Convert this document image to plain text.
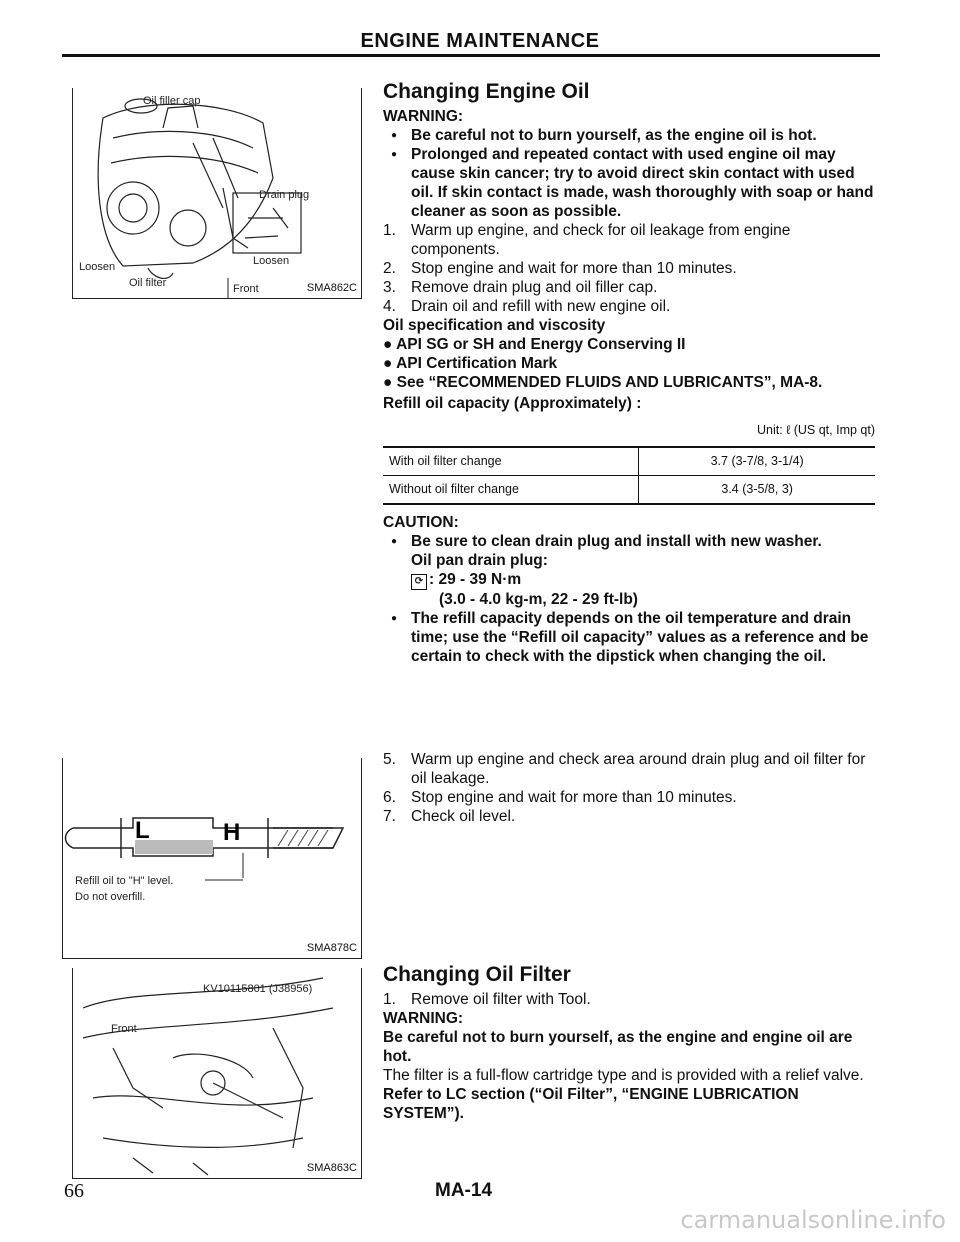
ENGINE MAINTENANCE
Oil filler cap
Drain plug
Loosen	Loosen
Oil filter	Front	SMA862C
L	H
Refill oil to "H" level.
Do not overfill.
SMA878C
KV10115801 (J38956)
Front
SMA863C
Changing Engine Oil
WARNING:
● Be careful not to burn yourself, as the engine oil is hot.
● Prolonged and repeated contact with used engine oil may cause skin cancer; try to avoid direct skin contact with used oil. If skin contact is made, wash thoroughly with soap or hand cleaner as soon as possible.
1. Warm up engine, and check for oil leakage from engine components.
2. Stop engine and wait for more than 10 minutes.
3. Remove drain plug and oil filler cap.
4. Drain oil and refill with new engine oil.
Oil specification and viscosity
● API SG or SH and Energy Conserving II
● API Certification Mark
● See “RECOMMENDED FLUIDS AND LUBRICANTS”, MA-8.
Refill oil capacity (Approximately) :
Unit: ℓ (US qt, Imp qt)
With oil filter change	3.7 (3-7/8, 3-1/4)
Without oil filter change	3.4 (3-5/8, 3)
CAUTION:
● Be sure to clean drain plug and install with new washer.
Oil pan drain plug:
⟳ : 29 - 39 N·m
(3.0 - 4.0 kg-m, 22 - 29 ft-lb)
● The refill capacity depends on the oil temperature and drain time; use the “Refill oil capacity” values as a reference and be certain to check with the dipstick when changing the oil.
5. Warm up engine and check area around drain plug and oil filter for oil leakage.
6. Stop engine and wait for more than 10 minutes.
7. Check oil level.
Changing Oil Filter
1. Remove oil filter with Tool.
WARNING:
Be careful not to burn yourself, as the engine and engine oil are hot.
The filter is a full-flow cartridge type and is provided with a relief valve.
Refer to LC section (“Oil Filter”, “ENGINE LUBRICATION SYSTEM”).
66	MA-14
carmanualsonline.info
